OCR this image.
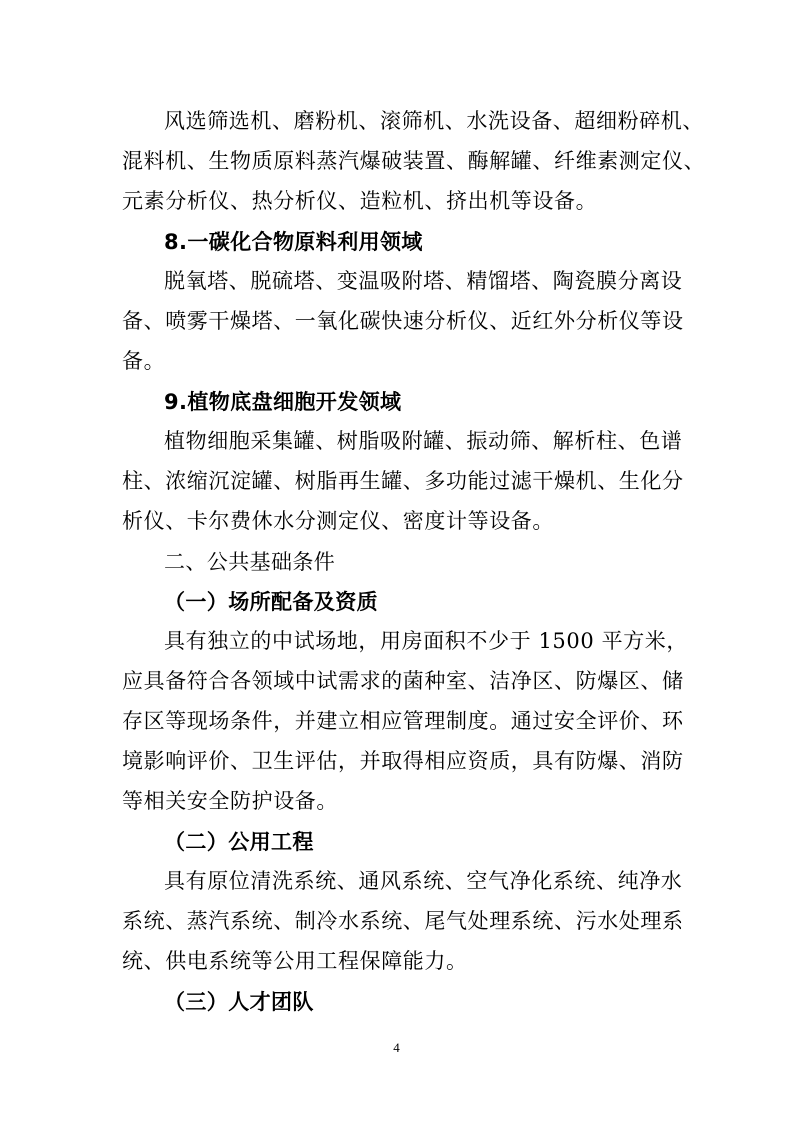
风选筛选机、磨粉机、滚筛机、水洗设备、超细粉碎机、
混料机、生物质原料蒸汽爆破装置、酶解罐、纤维素测定仪、
元素分析仪、热分析仪、造粒机、挤出机等设备。
8.一碳化合物原料利用领域
脱氧塔、脱硫塔、变温吸附塔、精馏塔、陶瓷膜分离设
备、喷雾干燥塔、一氧化碳快速分析仪、近红外分析仪等设
备。
9.植物底盘细胞开发领域
植物细胞采集罐、树脂吸附罐、振动筛、解析柱、色谱
柱、浓缩沉淀罐、树脂再生罐、多功能过滤干燥机、生化分
析仪、卡尔费休水分测定仪、密度计等设备。
二、公共基础条件
（一）场所配备及资质
具有独立的中试场地，用房面积不少于 1500 平方米，
应具备符合各领域中试需求的菌种室、洁净区、防爆区、储
存区等现场条件，并建立相应管理制度。通过安全评价、环
境影响评价、卫生评估，并取得相应资质，具有防爆、消防
等相关安全防护设备。
（二）公用工程
具有原位清洗系统、通风系统、空气净化系统、纯净水
系统、蒸汽系统、制冷水系统、尾气处理系统、污水处理系
统、供电系统等公用工程保障能力。
（三）人才团队
4
